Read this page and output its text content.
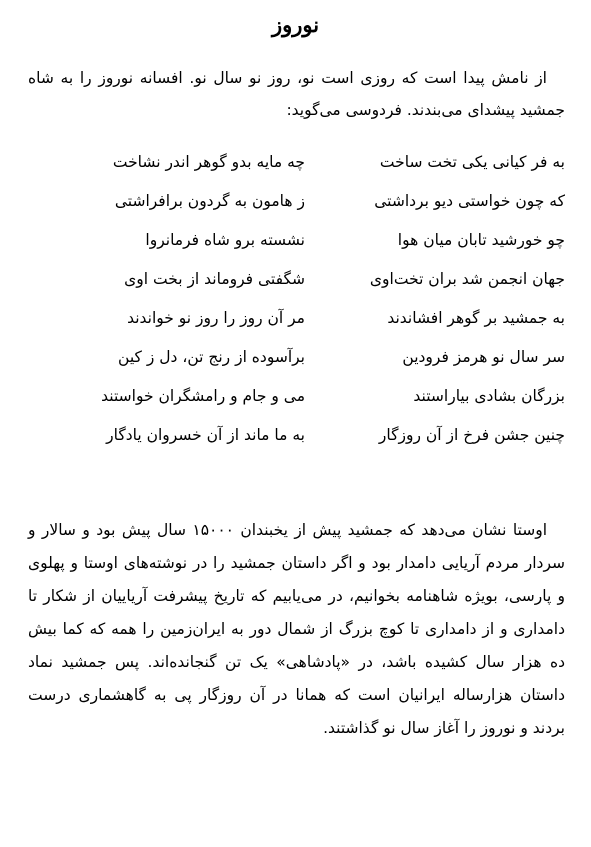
نوروز

از نامش پیدا است که روزی است نو، روز نو سال نو. افسانه نوروز را به شاه جمشید پیشدای می‌بندند. فردوسی می‌گوید:

به فر کیانی یکی تخت ساخت
چه مایه بدو گوهر اندر نشاخت
که چون خواستی دیو برداشتی
ز هامون به گردون برافراشتی
چو خورشید تابان میان هوا
نشسته برو شاه فرمانروا
جهان انجمن شد بران تخت‌اوی
شگفتی فروماند از بخت اوی
به جمشید بر گوهر افشاندند
مر آن روز را روز نو خواندند
سر سال نو هرمز فرودین
برآسوده از رنج تن، دل ز کین
بزرگان بشادی بیاراستند
می و جام و رامشگران خواستند
چنین جشن فرخ از آن روزگار
به ما ماند از آن خسروان یادگار

اوستا نشان می‌دهد که جمشید پیش از یخبندان ۱۵۰۰۰ سال پیش بود و سالار و سردار مردم آریایی دامدار بود و اگر داستان جمشید را در نوشته‌های اوستا و پهلوی و پارسی، بویژه شاهنامه بخوانیم، در می‌یابیم که تاریخ پیشرفت آریاییان از شکار تا دامداری و از دامداری تا کوچ بزرگ از شمال دور به ایران‌زمین را همه که کما بیش ده هزار سال کشیده باشد، در «پادشاهی» یک تن گنجانده‌اند. پس جمشید نماد داستان هزارساله ایرانیان است که همانا در آن روزگار پی به گاهشماری درست بردند و نوروز را آغاز سال نو گذاشتند.
